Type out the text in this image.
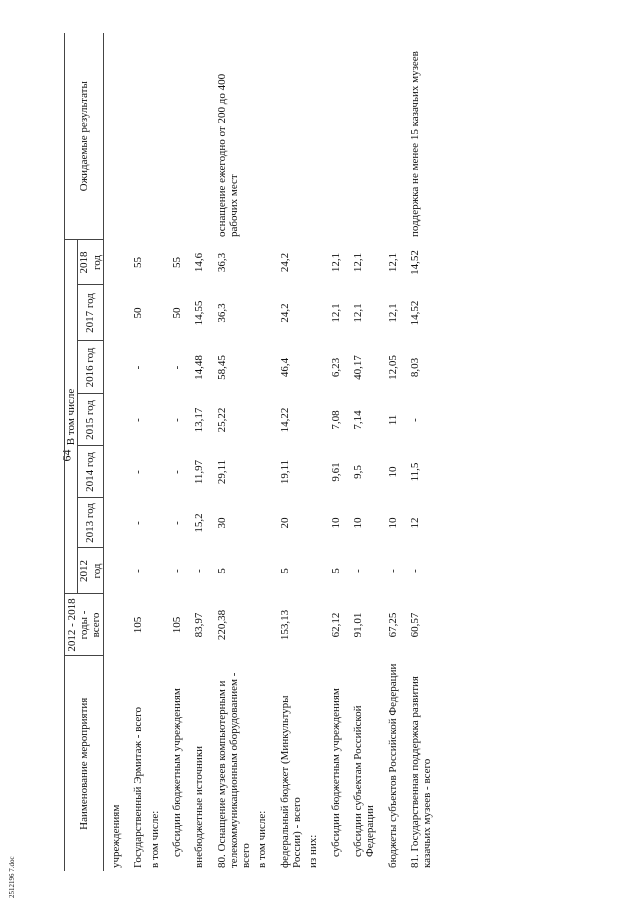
64
2512196 7.doc
Наименование мероприятия	2012 - 2018 годы - всего	В том числе							Ожидаемые результаты
		2012 год	2013 год	2014 год	2015 год	2016 год	2017 год	2018 год	
учреждениям									
Государственный Эрмитаж - всего	105	-	-	-	-	-	50	55	
в том числе:									
субсидии бюджетным учреждениям	105	-	-	-	-	-	50	55	
внебюджетные источники	83,97	-	15,2	11,97	13,17	14,48	14,55	14,6	
80. Оснащение музеев компьютерным и телекоммуникационным оборудованием - всего	220,38	5	30	29,11	25,22	58,45	36,3	36,3	оснащение ежегодно от 200 до 400 рабочих мест
в том числе:									
федеральный бюджет (Минкультуры России) - всего	153,13	5	20	19,11	14,22	46,4	24,2	24,2	
из них:									
субсидии бюджетным учреждениям	62,12	5	10	9,61	7,08	6,23	12,1	12,1	
субсидии субъектам Российской Федерации	91,01	-	10	9,5	7,14	40,17	12,1	12,1	
бюджеты субъектов Российской Федерации	67,25	-	10	10	11	12,05	12,1	12,1	
81. Государственная поддержка развития казачьих музеев - всего	60,57	-	12	11,5	-	8,03	14,52	14,52	поддержка не менее 15 казачьих музеев
